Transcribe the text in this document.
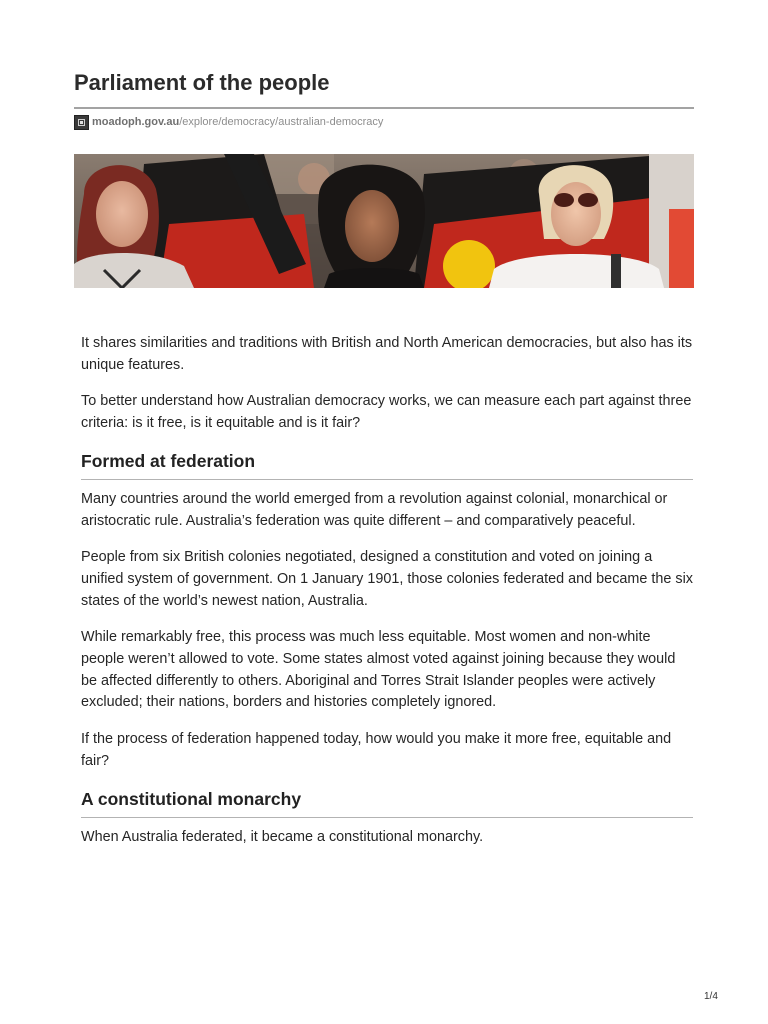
Parliament of the people
moadoph.gov.au /explore/democracy/australian-democracy

It shares similarities and traditions with British and North American democracies, but also has its unique features.

To better understand how Australian democracy works, we can measure each part against three criteria: is it free, is it equitable and is it fair?

Formed at federation

Many countries around the world emerged from a revolution against colonial, monarchical or aristocratic rule. Australia’s federation was quite different – and comparatively peaceful.

People from six British colonies negotiated, designed a constitution and voted on joining a unified system of government. On 1 January 1901, those colonies federated and became the six states of the world’s newest nation, Australia.

While remarkably free, this process was much less equitable. Most women and non-white people weren’t allowed to vote. Some states almost voted against joining because they would be affected differently to others. Aboriginal and Torres Strait Islander peoples were actively excluded; their nations, borders and histories completely ignored.

If the process of federation happened today, how would you make it more free, equitable and fair?

A constitutional monarchy

When Australia federated, it became a constitutional monarchy.

1/4
